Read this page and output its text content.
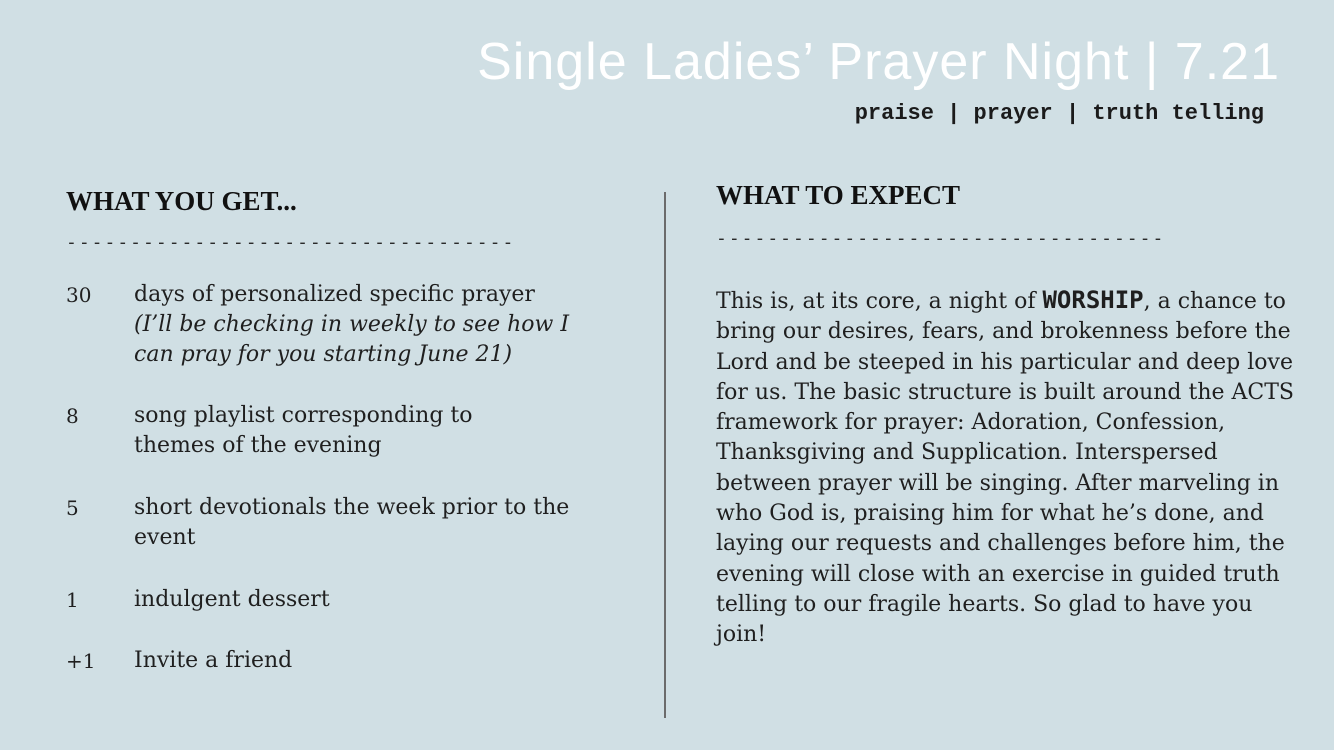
Single Ladies’ Prayer Night | 7.21
praise | prayer | truth telling
WHAT YOU GET...
-----------------------------------
30	days of personalized specific prayer
(I’ll be checking in weekly to see how I can pray for you starting June 21)
8	song playlist corresponding to themes of the evening
5	short devotionals the week prior to the event
1	indulgent dessert
+1	Invite a friend
WHAT TO EXPECT
-----------------------------------

This is, at its core, a night of WORSHIP, a chance to bring our desires, fears, and brokenness before the Lord and be steeped in his particular and deep love for us. The basic structure is built around the ACTS framework for prayer: Adoration, Confession, Thanksgiving and Supplication. Interspersed between prayer will be singing. After marveling in who God is, praising him for what he’s done, and laying our requests and challenges before him, the evening will close with an exercise in guided truth telling to our fragile hearts. So glad to have you join!
